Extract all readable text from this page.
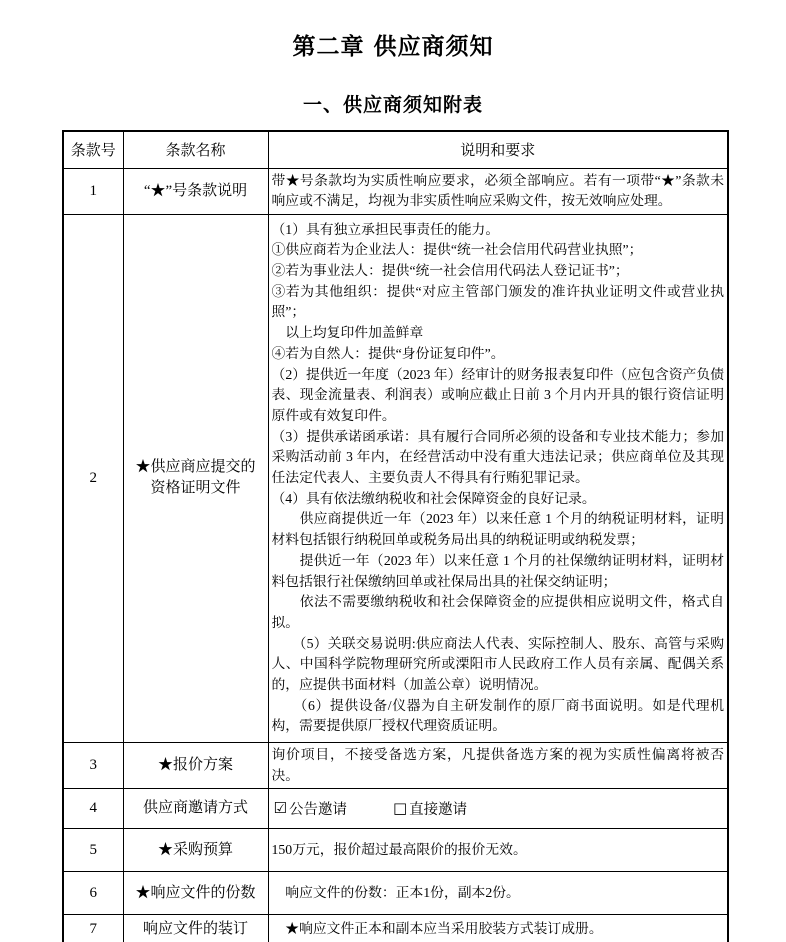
第二章 供应商须知
一、供应商须知附表
条款号	条款名称	说明和要求
1	“★”号条款说明	带★号条款均为实质性响应要求，必须全部响应。若有一项带“★”条款未响应或不满足，均视为非实质性响应采购文件，按无效响应处理。

2	★供应商应提交的资格证明文件	
（1）具有独立承担民事责任的能力。
①供应商若为企业法人：提供“统一社会信用代码营业执照”；
②若为事业法人：提供“统一社会信用代码法人登记证书”；
③若为其他组织：提供“对应主管部门颁发的准许执业证明文件或营业执照”；
　以上均复印件加盖鲜章
④若为自然人：提供“身份证复印件”。
（2）提供近一年度（2023 年）经审计的财务报表复印件（应包含资产负债表、现金流量表、利润表）或响应截止日前 3 个月内开具的银行资信证明原件或有效复印件。
（3）提供承诺函承诺：具有履行合同所必须的设备和专业技术能力；参加采购活动前 3 年内，在经营活动中没有重大违法记录；供应商单位及其现任法定代表人、主要负责人不得具有行贿犯罪记录。
（4）具有依法缴纳税收和社会保障资金的良好记录。
　　供应商提供近一年（2023 年）以来任意 1 个月的纳税证明材料，证明材料包括银行纳税回单或税务局出具的纳税证明或纳税发票；
　　提供近一年（2023 年）以来任意 1 个月的社保缴纳证明材料，证明材料包括银行社保缴纳回单或社保局出具的社保交纳证明；
　　依法不需要缴纳税收和社会保障资金的应提供相应说明文件，格式自拟。
　　（5）关联交易说明:供应商法人代表、实际控制人、股东、高管与采购人、中国科学院物理研究所或溧阳市人民政府工作人员有亲属、配偶关系的，应提供书面材料（加盖公章）说明情况。
　　（6）提供设备/仪器为自主研发制作的原厂商书面说明。如是代理机构，需要提供原厂授权代理资质证明。

3	★报价方案	询价项目，不接受备选方案，凡提供备选方案的视为实质性偏离将被否决。

4	供应商邀请方式	☑ 公告邀请 □ 直接邀请

5	★采购预算	150万元，报价超过最高限价的报价无效。

6	★响应文件的份数	　响应文件的份数：正本1份，副本2份。

7	响应文件的装订	　★响应文件正本和副本应当采用胶装方式装订成册。
